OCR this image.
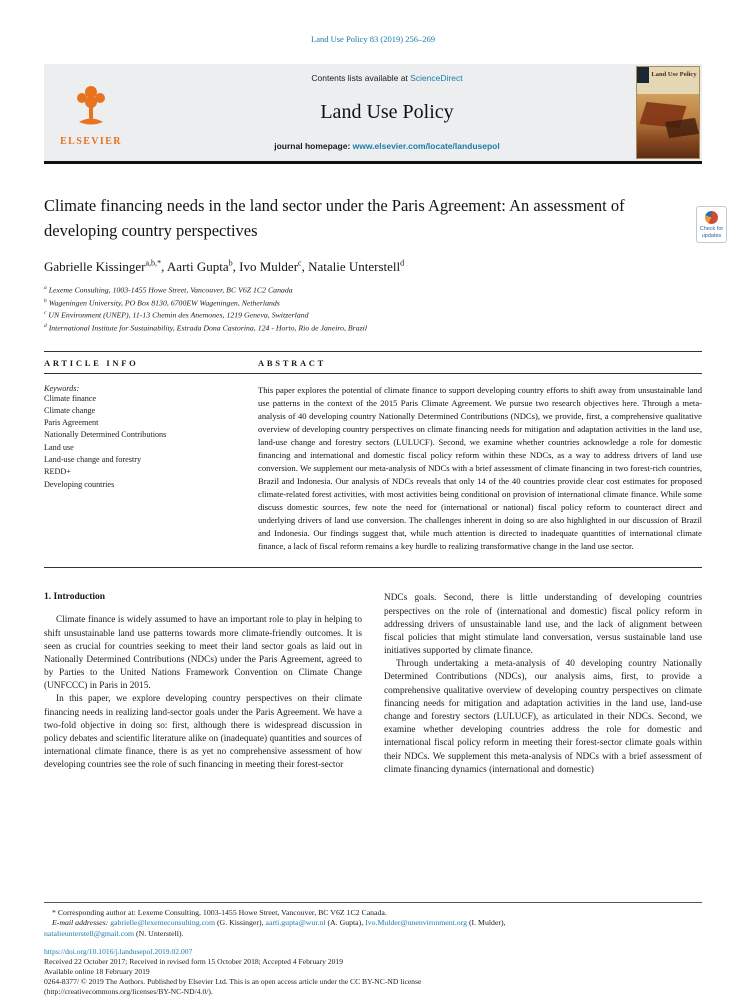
Land Use Policy 83 (2019) 256–269
ELSEVIER
Contents lists available at ScienceDirect
Land Use Policy
journal homepage: www.elsevier.com/locate/landusepol
Land Use Policy
Climate financing needs in the land sector under the Paris Agreement: An assessment of developing country perspectives	Check for
updates
Gabrielle Kissinger$^{a,b,*}$, Aarti Gupta$^b$, Ivo Mulder$^c$, Natalie Unterstell$^d$
$^a$ Lexeme Consulting, 1003-1455 Howe Street, Vancouver, BC V6Z 1C2 Canada
$^b$ Wageningen University, PO Box 8130, 6700EW Wageningen, Netherlands
$^c$ UN Environment (UNEP), 11-13 Chemin des Anemones, 1219 Geneva, Switzerland
$^d$ International Institute for Sustainability, Estrada Dona Castorina, 124 - Horto, Rio de Janeiro, Brazil
ARTICLE INFO	ABSTRACT
Keywords:
Climate finance
Climate change
Paris Agreement
Nationally Determined Contributions
Land use
Land-use change and forestry
REDD+
Developing countries
This paper explores the potential of climate finance to support developing country efforts to shift away from unsustainable land use patterns in the context of the 2015 Paris Climate Agreement. We pursue two research objectives here. Through a meta-analysis of 40 developing country Nationally Determined Contributions (NDCs), we provide, first, a comprehensive qualitative overview of developing country perspectives on climate financing needs for mitigation and adaptation activities in the land use, land-use change and forestry sectors (LULUCF). Second, we examine whether countries acknowledge a role for domestic financing and international and domestic fiscal policy reform within these NDCs, as a way to address drivers of land use conversion. We supplement our meta-analysis of NDCs with a brief assessment of climate financing in two forest-rich countries, Brazil and Indonesia. Our analysis of NDCs reveals that only 14 of the 40 countries provide clear cost estimates for proposed climate-related forest activities, with most activities being conditional on provision of international climate finance. While some discuss domestic sources, few note the need for (international or national) fiscal policy reform to counteract direct and underlying drivers of land use conversion. The challenges inherent in doing so are also highlighted in our discussion of Brazil and Indonesia. Our findings suggest that, while much attention is directed to inadequate quantities of international climate finance, a lack of fiscal reform remains a key hurdle to realizing transformative change in the land use sector.
1. Introduction

Climate finance is widely assumed to have an important role to play in helping to shift unsustainable land use patterns towards more climate-friendly outcomes. It is seen as crucial for countries seeking to meet their land sector goals as laid out in Nationally Determined Contributions (NDCs) under the Paris Agreement, agreed to by Parties to the United Nations Framework Convention on Climate Change (UNFCCC) in Paris in 2015.

In this paper, we explore developing country perspectives on their climate financing needs in realizing land-sector goals under the Paris Agreement. We have a two-fold objective in doing so: first, although there is widespread discussion in policy debates and scientific literature alike on (inadequate) quantities and sources of international climate finance, there is as yet no comprehensive assessment of how developing countries see the role of such financing in meeting their forest-sector

NDCs goals. Second, there is little understanding of developing countries perspectives on the role of (international and domestic) fiscal policy reform in addressing drivers of unsustainable land use, and the lack of alignment between fiscal policies that might stimulate land conversation, versus sustainable land use initiatives supported by climate finance.

Through undertaking a meta-analysis of 40 developing country Nationally Determined Contributions (NDCs), our analysis aims, first, to provide a comprehensive qualitative overview of developing country perspectives on climate financing needs for mitigation and adaptation activities in the land use, land-use change and forestry sectors (LULUCF), as articulated in their NDCs. Second, we examine whether developing countries address the role for domestic and international fiscal policy reform in meeting their forest-sector climate goals within their NDCs. We supplement this meta-analysis of NDCs with a brief assessment of climate financing dynamics (international and domestic)

* Corresponding author at: Lexeme Consulting, 1003-1455 Howe Street, Vancouver, BC V6Z 1C2 Canada.
E-mail addresses: gabrielle@lexemeconsulting.com (G. Kissinger), aarti.gupta@wur.nl (A. Gupta), Ivo.Mulder@unenvironment.org (I. Mulder),
natalieunterstell@gmail.com (N. Unterstell).
https://doi.org/10.1016/j.landusepol.2019.02.007
Received 22 October 2017; Received in revised form 15 October 2018; Accepted 4 February 2019
Available online 18 February 2019
0264-8377/ © 2019 The Authors. Published by Elsevier Ltd. This is an open access article under the CC BY-NC-ND license
(http://creativecommons.org/licenses/BY-NC-ND/4.0/).
